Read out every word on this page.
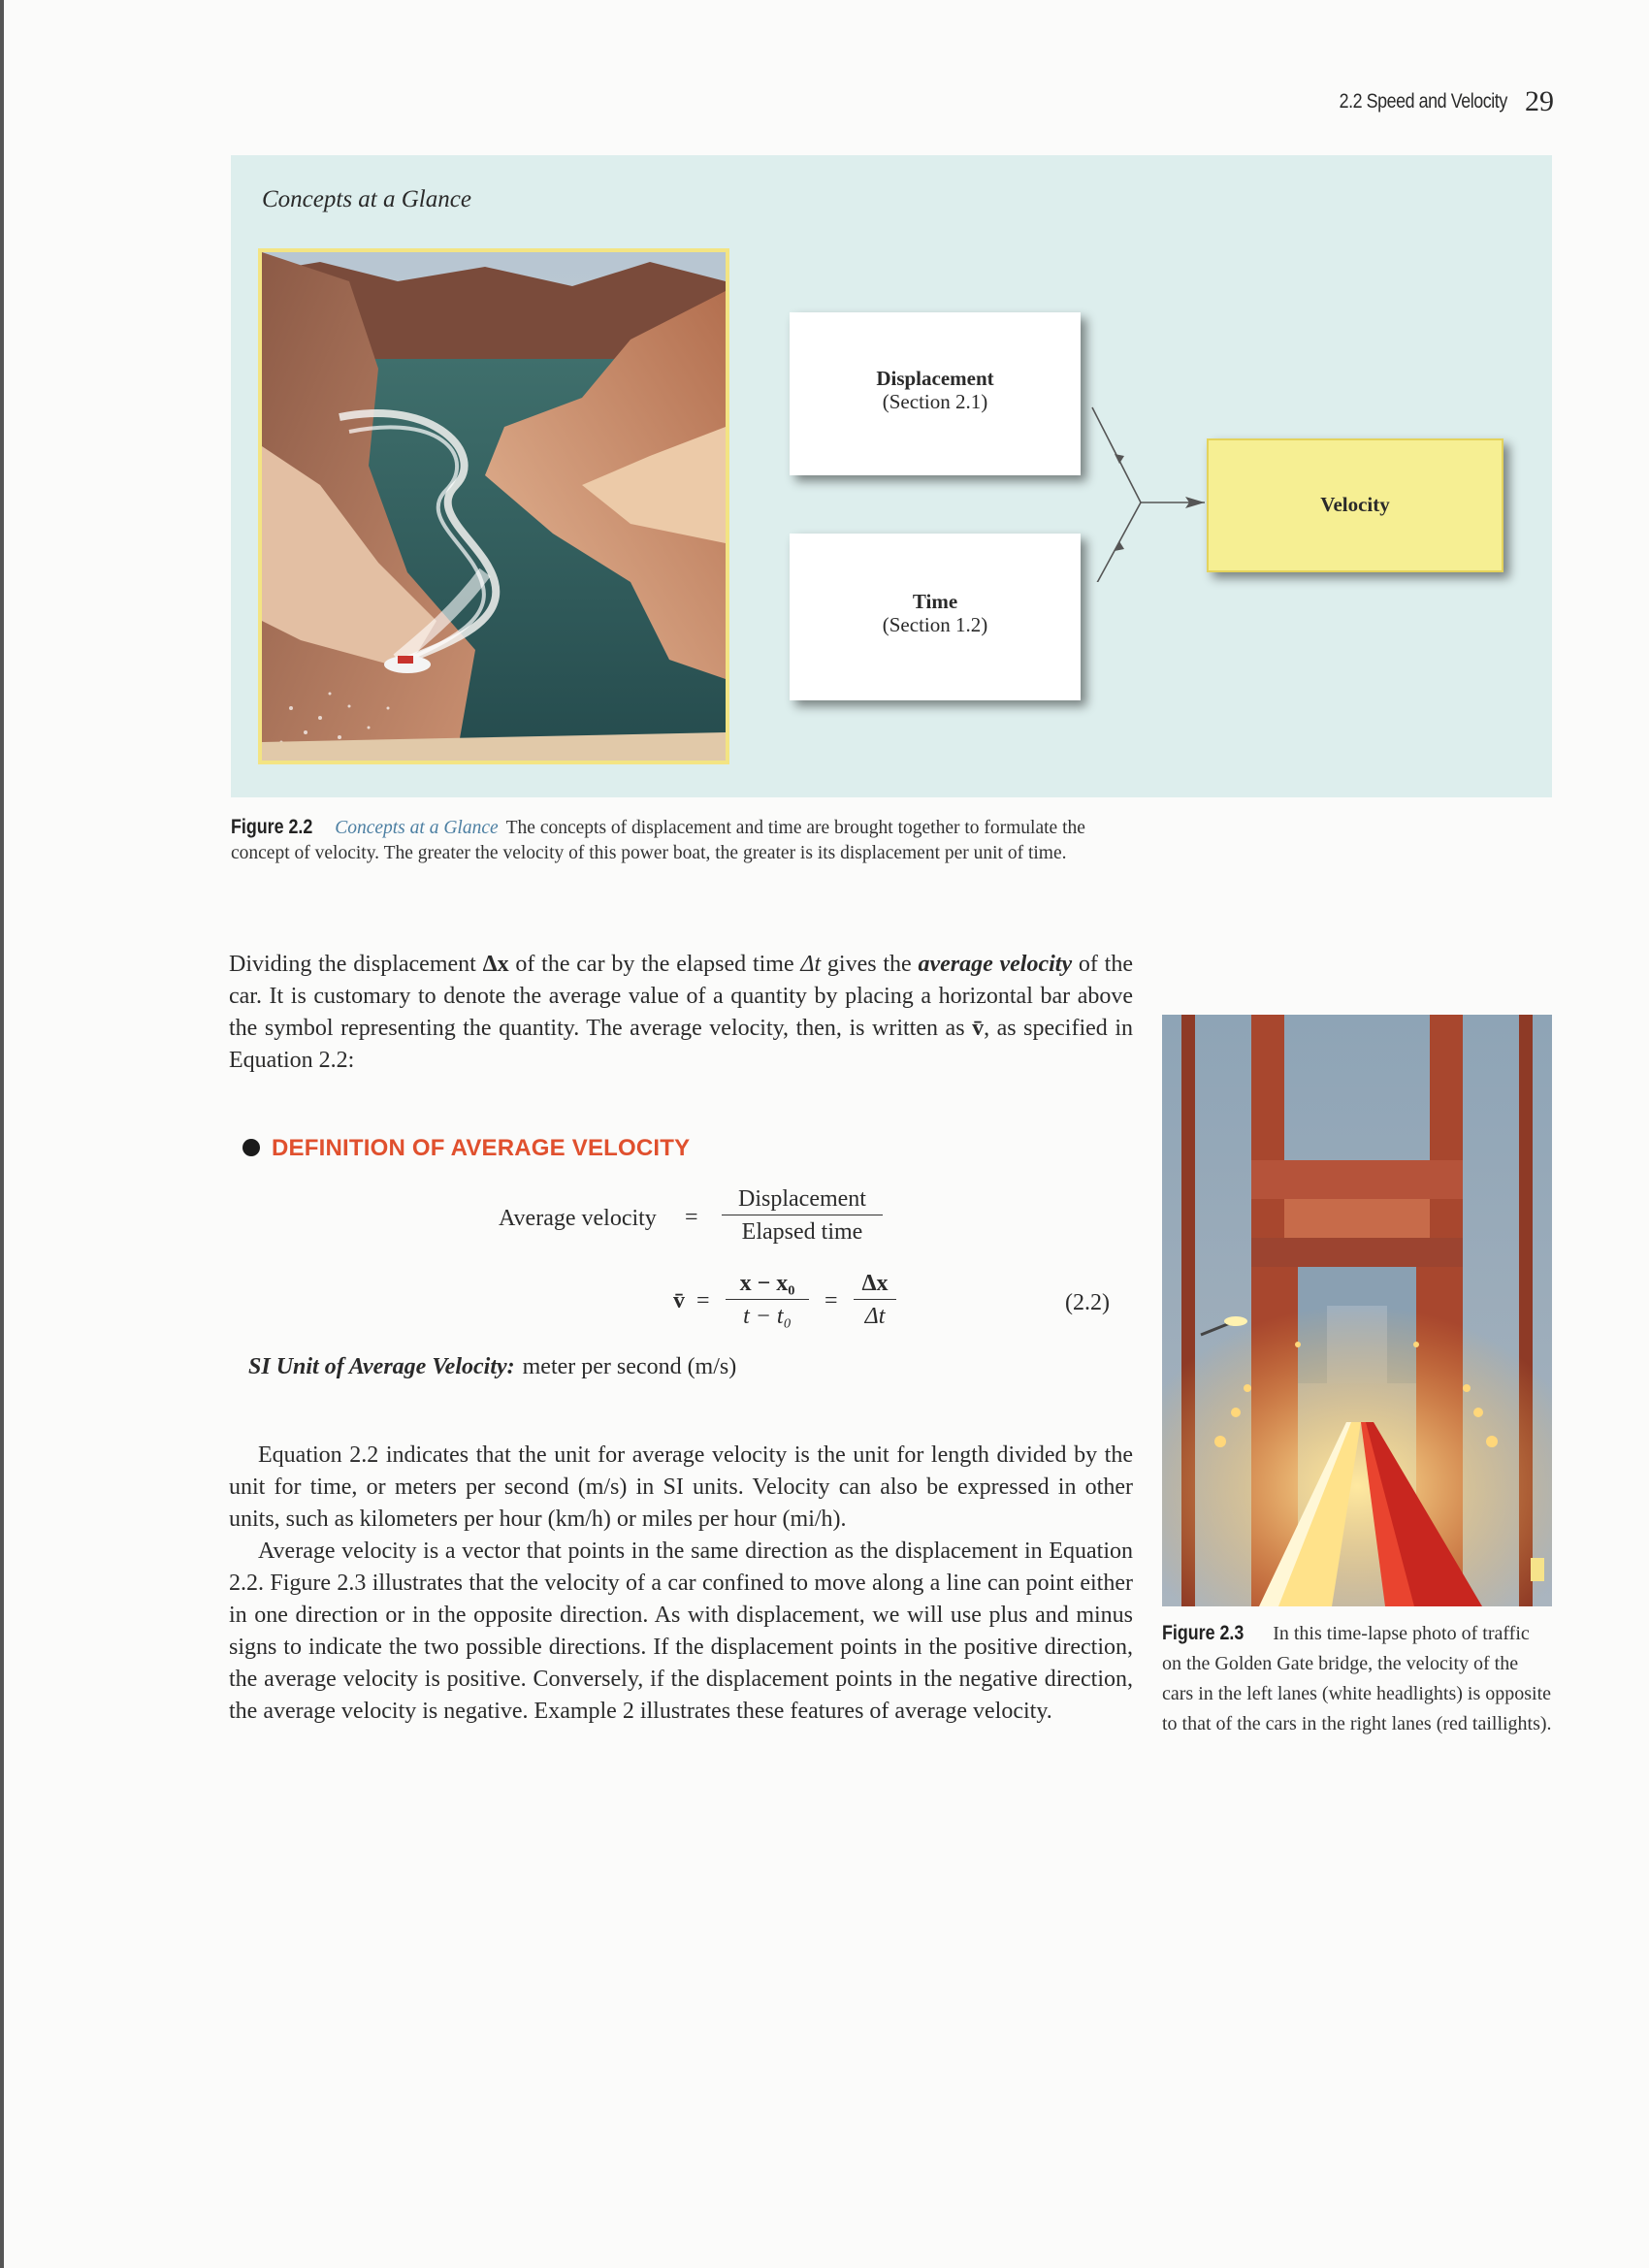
2.2 Speed and Velocity 29
Concepts at a Glance
Displacement
(Section 2.1)
Time
(Section 1.2)
Velocity
Figure 2.2 Concepts at a Glance The concepts of displacement and time are brought together to formulate the concept of velocity. The greater the velocity of this power boat, the greater is its displacement per unit of time.

Dividing the displacement Δx of the car by the elapsed time Δt gives the average velocity of the car. It is customary to denote the average value of a quantity by placing a horizontal bar above the symbol representing the quantity. The average velocity, then, is written as v̄, as specified in Equation 2.2:

DEFINITION OF AVERAGE VELOCITY
Average velocity =
Displacement
Elapsed time
v̄ = $\frac{\text{x − x₀}}{\text{t − t₀}} = \frac{\Delta x}{\Delta t}$	(2.2)
SI Unit of Average Velocity: meter per second (m/s)

Equation 2.2 indicates that the unit for average velocity is the unit for length divided by the unit for time, or meters per second (m/s) in SI units. Velocity can also be expressed in other units, such as kilometers per hour (km/h) or miles per hour (mi/h).

Average velocity is a vector that points in the same direction as the displacement in Equation 2.2. Figure 2.3 illustrates that the velocity of a car confined to move along a line can point either in one direction or in the opposite direction. As with displacement, we will use plus and minus signs to indicate the two possible directions. If the displacement points in the positive direction, the average velocity is positive. Conversely, if the displacement points in the negative direction, the average velocity is negative. Example 2 illustrates these features of average velocity.

Figure 2.3 In this time-lapse photo of traffic on the Golden Gate bridge, the velocity of the cars in the left lanes (white headlights) is opposite to that of the cars in the right lanes (red taillights).
